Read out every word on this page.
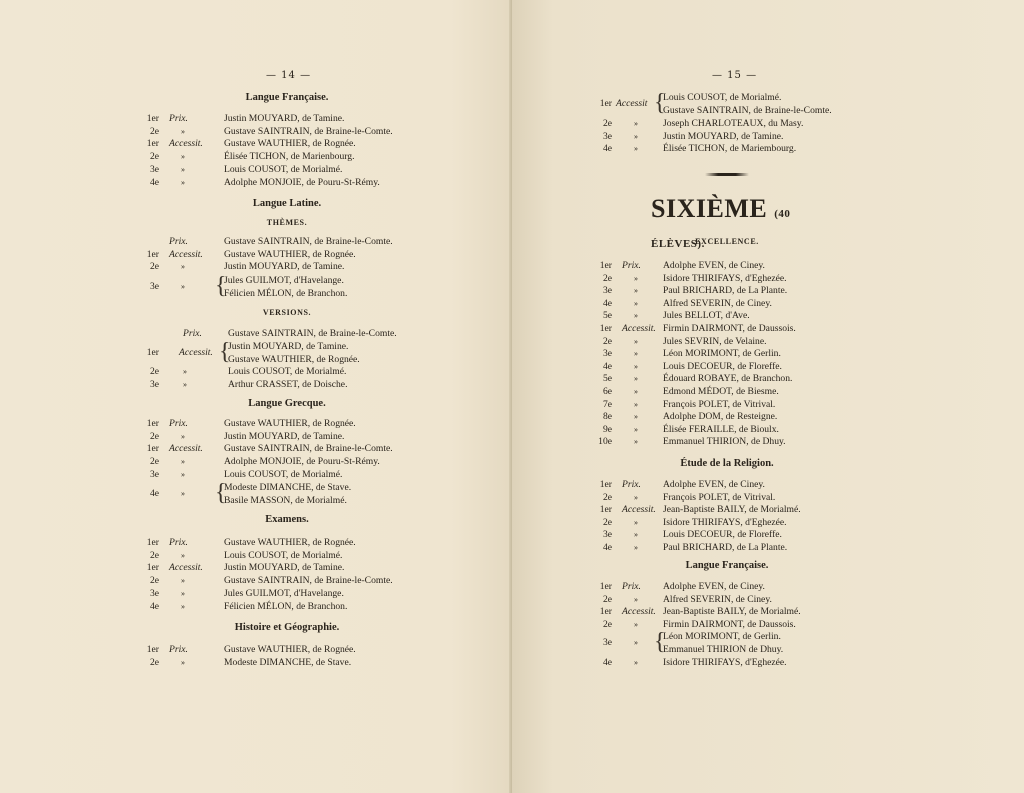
— 14 —
Langue Française.
1er Prix.	Justin MOUYARD, de Tamine.
2e	»	Gustave SAINTRAIN, de Braine-le-Comte.
1er Accessit. Gustave WAUTHIER, de Rognée.
2e	»	Élisée TICHON, de Marienbourg.
3e	»	Louis COUSOT, de Morialmé.
4e	»	Adolphe MONJOIE, de Pouru-St-Rémy.
Langue Latine.
THÈMES.
Prix.	Gustave SAINTRAIN, de Braine-le-Comte.
1er Accessit. Gustave WAUTHIER, de Rognée.
2e	»	Justin MOUYARD, de Tamine.
3e	» {
Jules GUILMOT, d'Havelange.
Félicien MÉLON, de Branchon.
VERSIONS.
Prix.	Gustave SAINTRAIN, de Braine-le-Comte.
1er Accessit. {
Justin MOUYARD, de Tamine.
Gustave WAUTHIER, de Rognée.
2e	»	Louis COUSOT, de Morialmé.
3e	»	Arthur CRASSET, de Doische.
Langue Grecque.
1er Prix.	Gustave WAUTHIER, de Rognée.
2e	»	Justin MOUYARD, de Tamine.
1er Accessit. Gustave SAINTRAIN, de Braine-le-Comte.
2e	»	Adolphe MONJOIE, de Pouru-St-Rémy.
3e	»	Louis COUSOT, de Morialmé.
4e	» {
Modeste DIMANCHE, de Stave.
Basile MASSON, de Morialmé.
Examens.
1er Prix.	Gustave WAUTHIER, de Rognée.
2e	»	Louis COUSOT, de Morialmé.
1er Accessit. Justin MOUYARD, de Tamine.
2e	»	Gustave SAINTRAIN, de Braine-le-Comte.
3e	»	Jules GUILMOT, d'Havelange.
4e	»	Félicien MÉLON, de Branchon.
Histoire et Géographie.
1er Prix.	Gustave WAUTHIER, de Rognée.
2e	»	Modeste DIMANCHE, de Stave.
— 15 —
1er Accessit {
Louis COUSOT, de Morialmé.
Gustave SAINTRAIN, de Braine-le-Comte.
2e	»	Joseph CHARLOTEAUX, du Masy.
3e	»	Justin MOUYARD, de Tamine.
4e	»	Élisée TICHON, de Mariembourg.
SIXIÈME (40 ÉLÈVES).
EXCELLENCE.
1er Prix. Adolphe EVEN, de Ciney.
2e	»	Isidore THIRIFAYS, d'Eghezée.
3e	»	Paul BRICHARD, de La Plante.
4e	»	Alfred SEVERIN, de Ciney.
5e	»	Jules BELLOT, d'Ave.
1er Accessit. Firmin DAIRMONT, de Daussois.
2e	»	Jules SEVRIN, de Velaine.
3e	»	Léon MORIMONT, de Gerlin.
4e	»	Louis DECOEUR, de Floreffe.
5e	»	Édouard ROBAYE, de Branchon.
6e	»	Edmond MÉDOT, de Biesme.
7e	»	François POLET, de Vitrival.
8e	»	Adolphe DOM, de Resteigne.
9e	»	Élisée FERAILLE, de Bioulx.
10e	»	Emmanuel THIRION, de Dhuy.
Étude de la Religion.
1er Prix. Adolphe EVEN, de Ciney.
2e	»	François POLET, de Vitrival.
1er Accessit. Jean-Baptiste BAILY, de Morialmé.
2e	»	Isidore THIRIFAYS, d'Eghezée.
3e	»	Louis DECOEUR, de Floreffe.
4e	»	Paul BRICHARD, de La Plante.
Langue Française.
1er Prix. Adolphe EVEN, de Ciney.
2e	»	Alfred SEVERIN, de Ciney.
1er Accessit. Jean-Baptiste BAILY, de Morialmé.
2e	»	Firmin DAIRMONT, de Daussois.
3e	» {
Léon MORIMONT, de Gerlin.
Emmanuel THIRION de Dhuy.
4e	»	Isidore THIRIFAYS, d'Eghezée.
